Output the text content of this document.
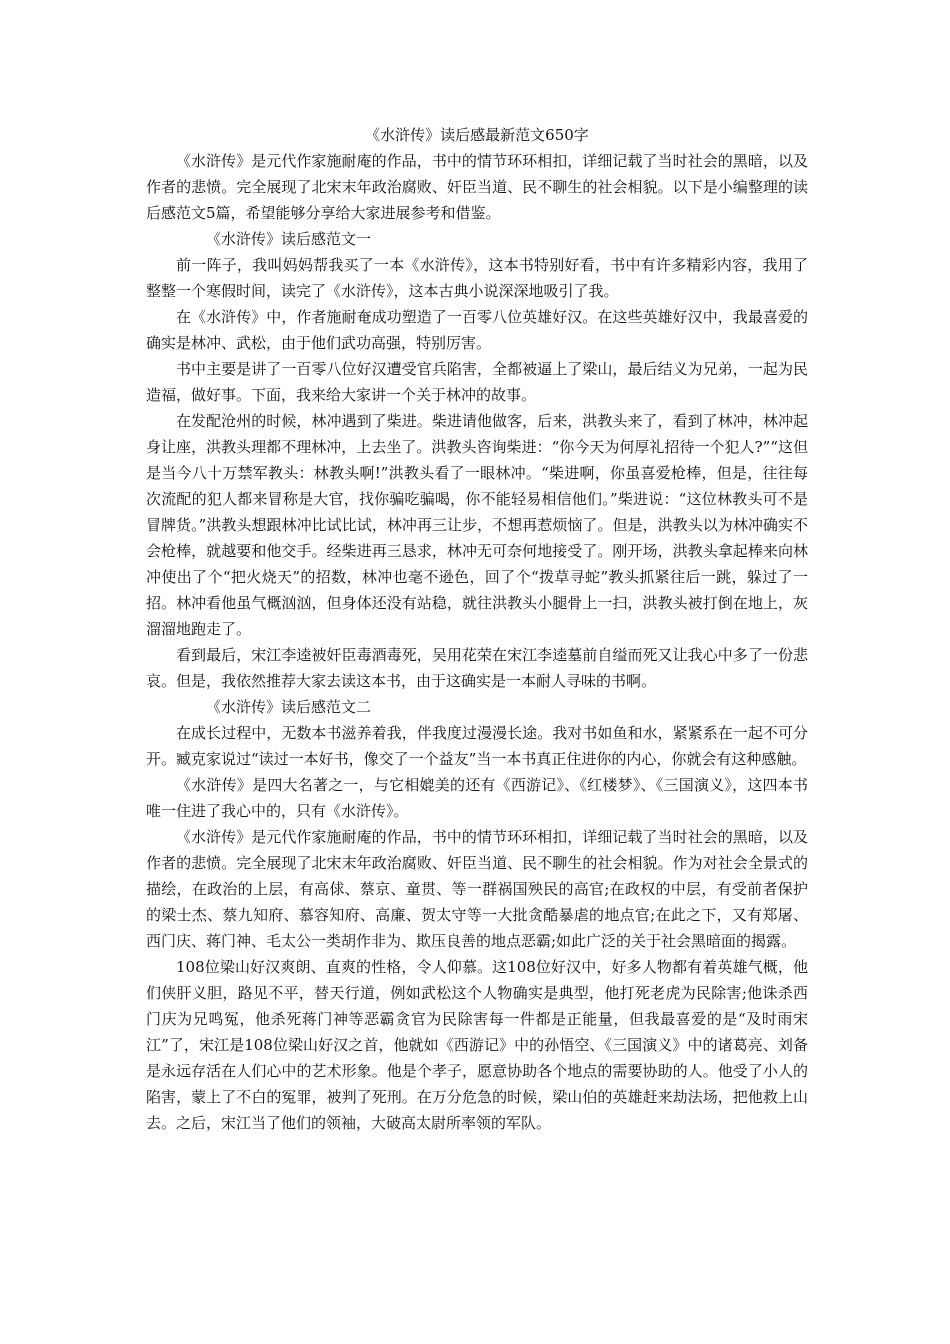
《水浒传》读后感最新范文650字

《水浒传》是元代作家施耐庵的作品，书中的情节环环相扣，详细记载了当时社会的黑暗，以及作者的悲愤。完全展现了北宋末年政治腐败、奸臣当道、民不聊生的社会相貌。以下是小编整理的读后感范文5篇，希望能够分享给大家进展参考和借鉴。

《水浒传》读后感范文一

前一阵子，我叫妈妈帮我买了一本《水浒传》，这本书特别好看，书中有许多精彩内容，我用了整整一个寒假时间，读完了《水浒传》，这本古典小说深深地吸引了我。

在《水浒传》中，作者施耐奄成功塑造了一百零八位英雄好汉。在这些英雄好汉中，我最喜爱的确实是林冲、武松，由于他们武功高强，特别厉害。

书中主要是讲了一百零八位好汉遭受官兵陷害，全都被逼上了梁山，最后结义为兄弟，一起为民造福，做好事。下面，我来给大家讲一个关于林冲的故事。

在发配沧州的时候，林冲遇到了柴进。柴进请他做客，后来，洪教头来了，看到了林冲，林冲起身让座，洪教头理都不理林冲，上去坐了。洪教头咨询柴进：“你今天为何厚礼招待一个犯人?”“这但是当今八十万禁军教头：林教头啊!”洪教头看了一眼林冲。“柴进啊，你虽喜爱枪棒，但是，往往每次流配的犯人都来冒称是大官，找你骗吃骗喝，你不能轻易相信他们。”柴进说：“这位林教头可不是冒牌货。”洪教头想跟林冲比试比试，林冲再三让步，不想再惹烦恼了。但是，洪教头以为林冲确实不会枪棒，就越要和他交手。经柴进再三恳求，林冲无可奈何地接受了。刚开场，洪教头拿起棒来向林冲使出了个“把火烧天”的招数，林冲也毫不逊色，回了个“拨草寻蛇”教头抓紧往后一跳，躲过了一招。林冲看他虽气概汹汹，但身体还没有站稳，就往洪教头小腿骨上一扫，洪教头被打倒在地上，灰溜溜地跑走了。

看到最后，宋江李逵被奸臣毒酒毒死，吴用花荣在宋江李逵墓前自缢而死又让我心中多了一份悲哀。但是，我依然推荐大家去读这本书，由于这确实是一本耐人寻味的书啊。

《水浒传》读后感范文二

在成长过程中，无数本书滋养着我，伴我度过漫漫长途。我对书如鱼和水，紧紧系在一起不可分开。臧克家说过“读过一本好书，像交了一个益友”当一本书真正住进你的内心，你就会有这种感触。

《水浒传》是四大名著之一，与它相媲美的还有《西游记》、《红楼梦》、《三国演义》，这四本书唯一住进了我心中的，只有《水浒传》。

《水浒传》是元代作家施耐庵的作品，书中的情节环环相扣，详细记载了当时社会的黑暗，以及作者的悲愤。完全展现了北宋末年政治腐败、奸臣当道、民不聊生的社会相貌。作为对社会全景式的描绘，在政治的上层，有高俅、蔡京、童贯、等一群祸国殃民的高官;在政权的中层，有受前者保护的梁士杰、蔡九知府、慕容知府、高廉、贺太守等一大批贪酷暴虐的地点官;在此之下，又有郑屠、西门庆、蒋门神、毛太公一类胡作非为、欺压良善的地点恶霸;如此广泛的关于社会黑暗面的揭露。

108位梁山好汉爽朗、直爽的性格，令人仰慕。这108位好汉中，好多人物都有着英雄气概，他们侠肝义胆，路见不平，替天行道，例如武松这个人物确实是典型，他打死老虎为民除害;他诛杀西门庆为兄鸣冤，他杀死蒋门神等恶霸贪官为民除害每一件都是正能量，但我最喜爱的是“及时雨宋江”了，宋江是108位梁山好汉之首，他就如《西游记》中的孙悟空、《三国演义》中的诸葛亮、刘备是永远存活在人们心中的艺术形象。他是个孝子，愿意协助各个地点的需要协助的人。他受了小人的陷害，蒙上了不白的冤罪，被判了死刑。在万分危急的时候，梁山伯的英雄赶来劫法场，把他救上山去。之后，宋江当了他们的领袖，大破高太尉所率领的军队。
